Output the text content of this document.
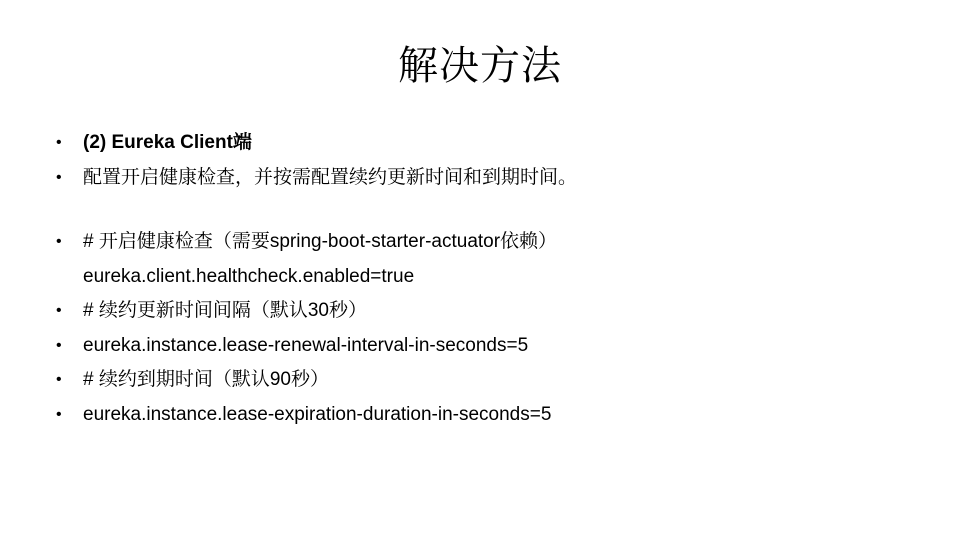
解决方法
•	(2) Eureka Client端
•	配置开启健康检查，并按需配置续约更新时间和到期时间。
•	# 开启健康检查（需要spring-boot-starter-actuator依赖）
eureka.client.healthcheck.enabled=true
•	# 续约更新时间间隔（默认30秒）
•	eureka.instance.lease-renewal-interval-in-seconds=5
•	# 续约到期时间（默认90秒）
•	eureka.instance.lease-expiration-duration-in-seconds=5
